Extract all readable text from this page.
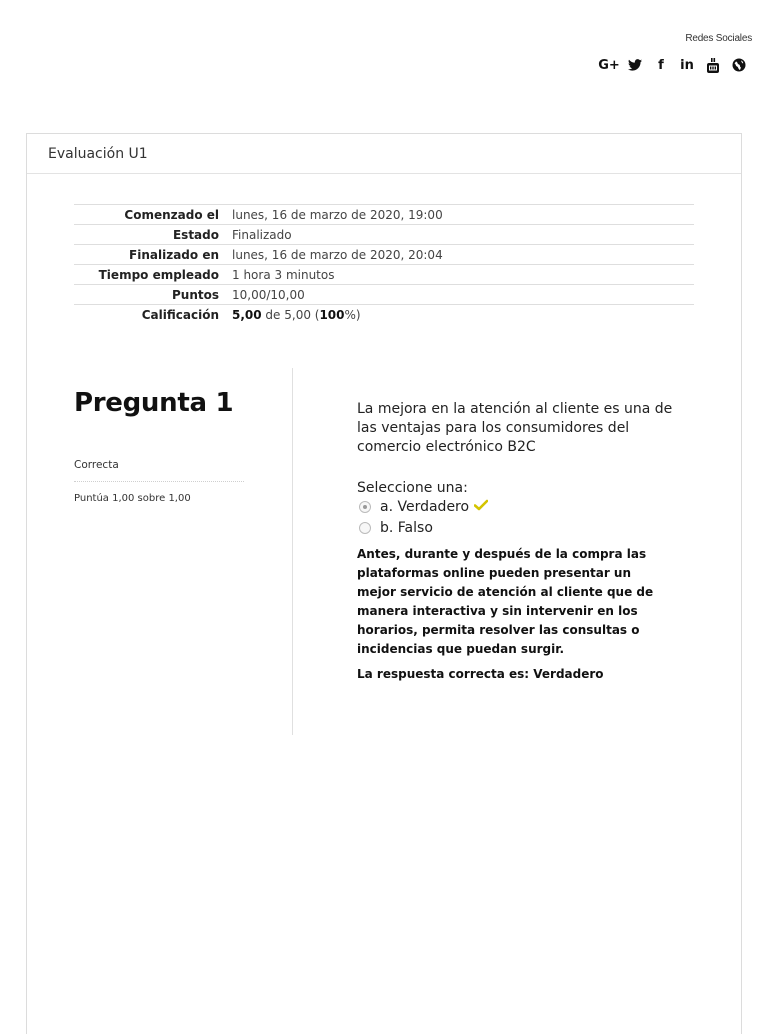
Redes Sociales
G+	f	in
Evaluación U1
Comenzado el	lunes, 16 de marzo de 2020, 19:00
Estado	Finalizado
Finalizado en	lunes, 16 de marzo de 2020, 20:04
Tiempo empleado	1 hora 3 minutos
Puntos	10,00/10,00
Calificación	5,00 de 5,00 (100%)
Pregunta 1
Correcta
Puntúa 1,00 sobre 1,00
La mejora en la atención al cliente es una de las ventajas para los consumidores del comercio electrónico B2C
Seleccione una:
a. Verdadero
b. Falso
Antes, durante y después de la compra las plataformas online pueden presentar un mejor servicio de atención al cliente que de manera interactiva y sin intervenir en los horarios, permita resolver las consultas o incidencias que puedan surgir.
La respuesta correcta es: Verdadero
